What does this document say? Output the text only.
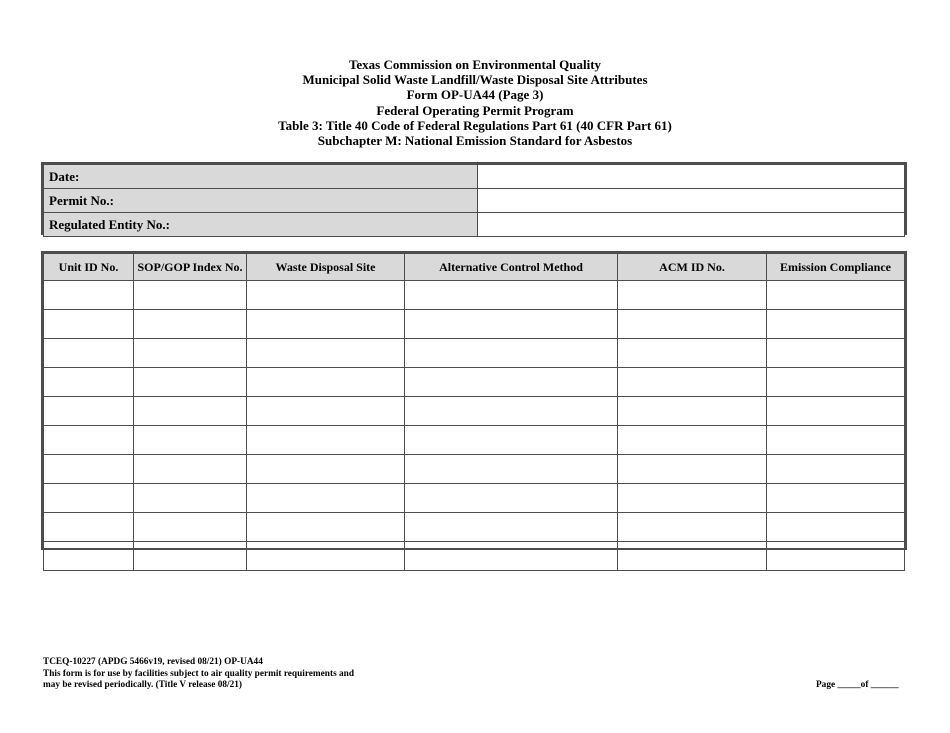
Texas Commission on Environmental Quality
Municipal Solid Waste Landfill/Waste Disposal Site Attributes
Form OP-UA44 (Page 3)
Federal Operating Permit Program
Table 3: Title 40 Code of Federal Regulations Part 61 (40 CFR Part 61)
Subchapter M: National Emission Standard for Asbestos
Date:	
Permit No.:	
Regulated Entity No.:	
Unit ID No.	SOP/GOP Index No.	Waste Disposal Site	Alternative Control Method	ACM ID No.	Emission Compliance

TCEQ-10227 (APDG 5466v19, revised 08/21) OP-UA44
This form is for use by facilities subject to air quality permit requirements and
may be revised periodically. (Title V release 08/21)	Page _____of ______
